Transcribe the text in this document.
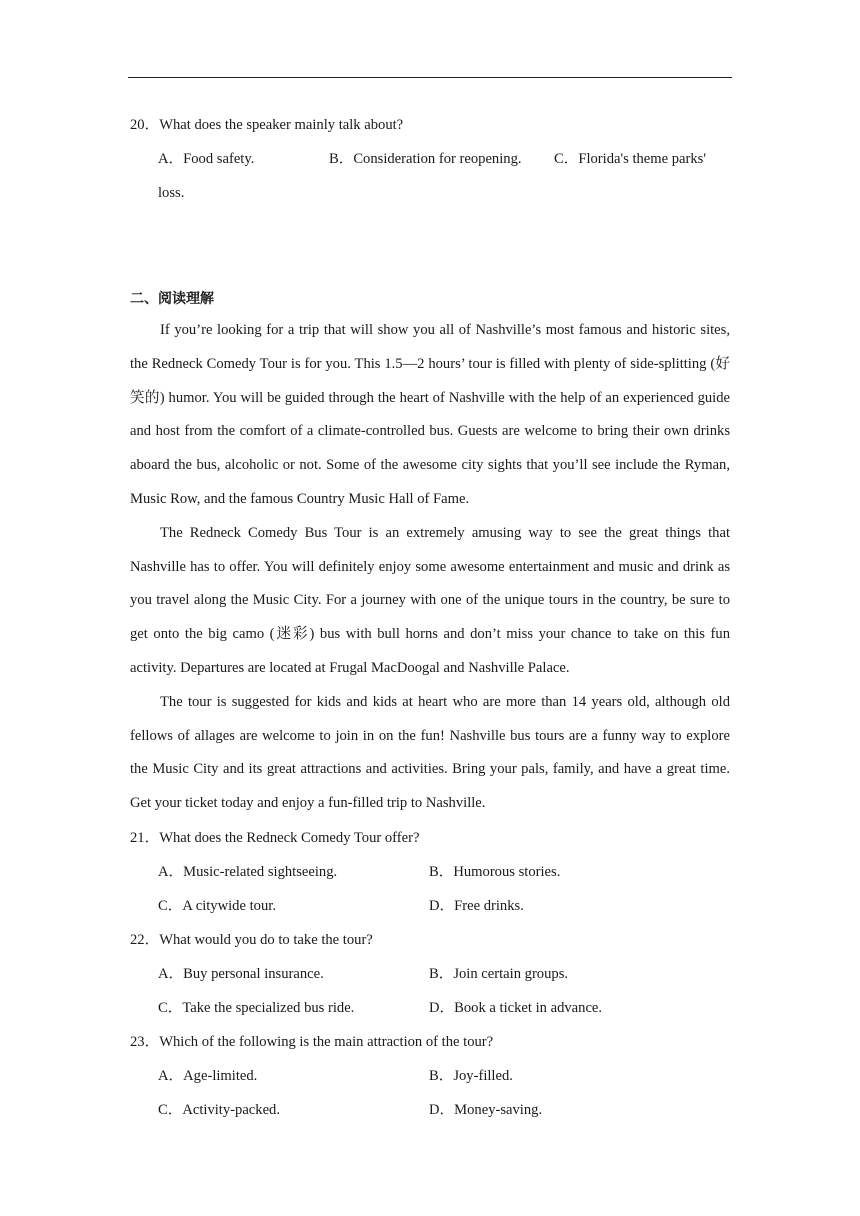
20． What does the speaker mainly talk about?
A．Food safety.	B．Consideration for reopening.	C．Florida's theme parks'
loss.
二、阅读理解

If you’re looking for a trip that will show you all of Nashville’s most famous and historic sites, the Redneck Comedy Tour is for you. This 1.5—2 hours’ tour is filled with plenty of side-splitting (好笑的) humor. You will be guided through the heart of Nashville with the help of an experienced guide and host from the comfort of a climate-controlled bus. Guests are welcome to bring their own drinks aboard the bus, alcoholic or not. Some of the awesome city sights that you’ll see include the Ryman, Music Row, and the famous Country Music Hall of Fame.

The Redneck Comedy Bus Tour is an extremely amusing way to see the great things that Nashville has to offer. You will definitely enjoy some awesome entertainment and music and drink as you travel along the Music City. For a journey with one of the unique tours in the country, be sure to get onto the big camo (迷彩) bus with bull horns and don’t miss your chance to take on this fun activity. Departures are located at Frugal MacDoogal and Nashville Palace.

The tour is suggested for kids and kids at heart who are more than 14 years old, although old fellows of allages are welcome to join in on the fun! Nashville bus tours are a funny way to explore the Music City and its great attractions and activities. Bring your pals, family, and have a great time. Get your ticket today and enjoy a fun-filled trip to Nashville.

21． What does the Redneck Comedy Tour offer?
A．Music-related sightseeing.	B．Humorous stories.
C．A citywide tour.	D．Free drinks.
22． What would you do to take the tour?
A．Buy personal insurance.	B．Join certain groups.
C．Take the specialized bus ride.	D．Book a ticket in advance.
23． Which of the following is the main attraction of the tour?
A．Age-limited.	B．Joy-filled.
C．Activity-packed.	D．Money-saving.
